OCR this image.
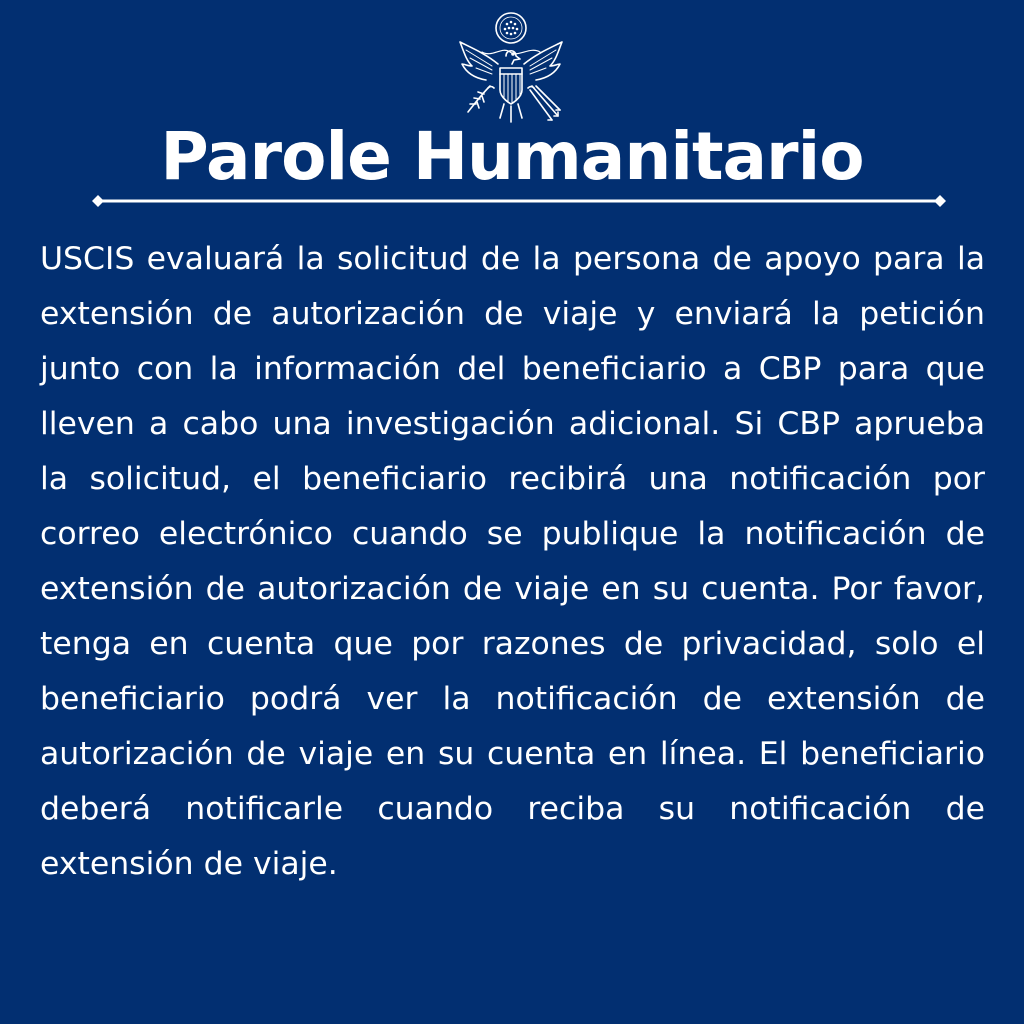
Parole Humanitario

USCIS evaluará la solicitud de la persona de apoyo para la extensión de autorización de viaje y enviará la petición junto con la información del beneficiario a CBP para que lleven a cabo una investigación adicional. Si CBP aprueba la solicitud, el beneficiario recibirá una notificación por correo electrónico cuando se publique la notificación de extensión de autorización de viaje en su cuenta. Por favor, tenga en cuenta que por razones de privacidad, solo el beneficiario podrá ver la notificación de extensión de autorización de viaje en su cuenta en línea. El beneficiario deberá notificarle cuando reciba su notificación de extensión de viaje.
